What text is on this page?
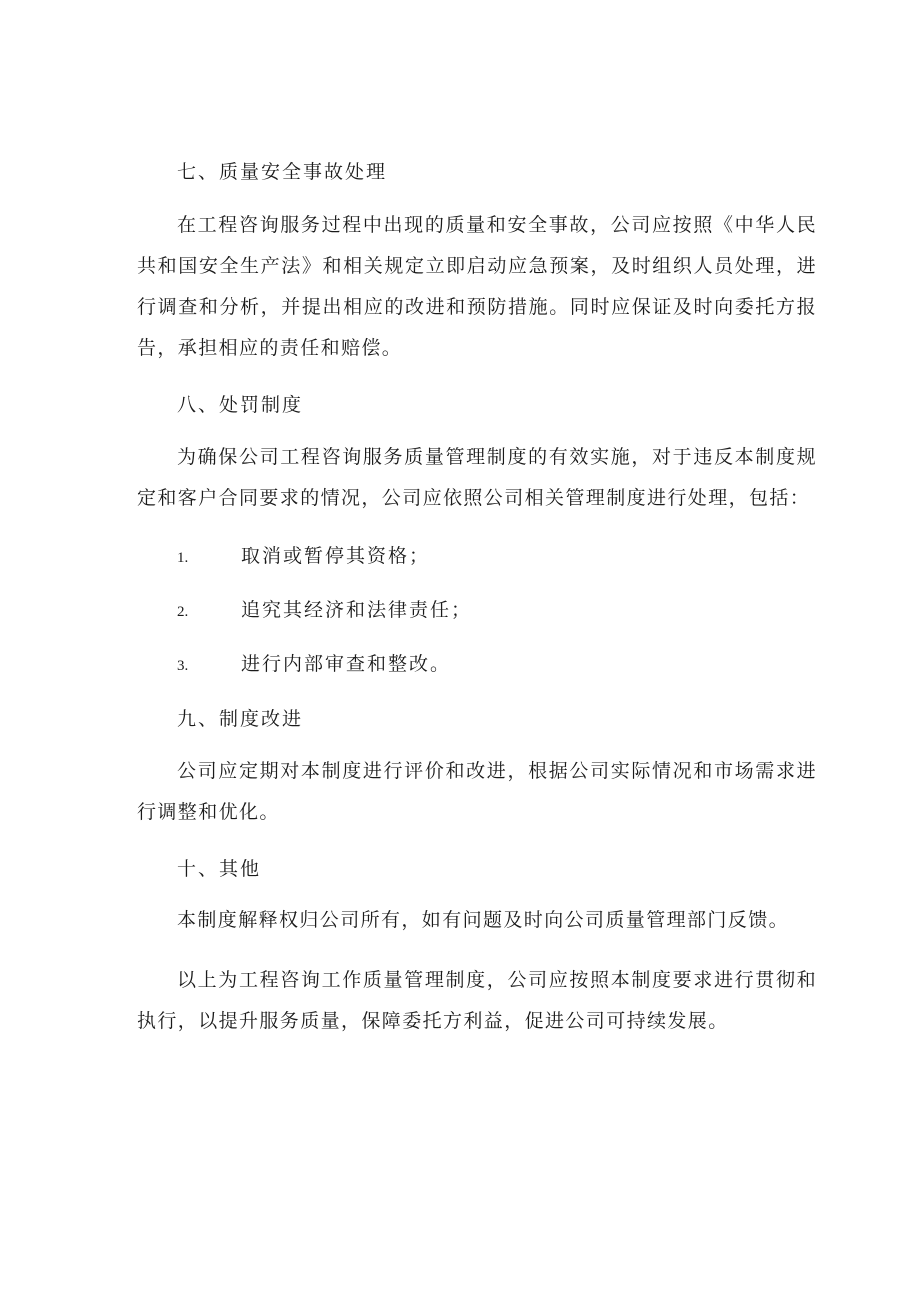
七、质量安全事故处理
在工程咨询服务过程中出现的质量和安全事故，公司应按照《中华人民共和国安全生产法》和相关规定立即启动应急预案，及时组织人员处理，进行调查和分析，并提出相应的改进和预防措施。同时应保证及时向委托方报告，承担相应的责任和赔偿。
八、处罚制度
为确保公司工程咨询服务质量管理制度的有效实施，对于违反本制度规定和客户合同要求的情况，公司应依照公司相关管理制度进行处理，包括：
1.	取消或暂停其资格；
2.	追究其经济和法律责任；
3.	进行内部审查和整改。
九、制度改进
公司应定期对本制度进行评价和改进，根据公司实际情况和市场需求进行调整和优化。
十、其他
本制度解释权归公司所有，如有问题及时向公司质量管理部门反馈。
以上为工程咨询工作质量管理制度，公司应按照本制度要求进行贯彻和执行，以提升服务质量，保障委托方利益，促进公司可持续发展。
